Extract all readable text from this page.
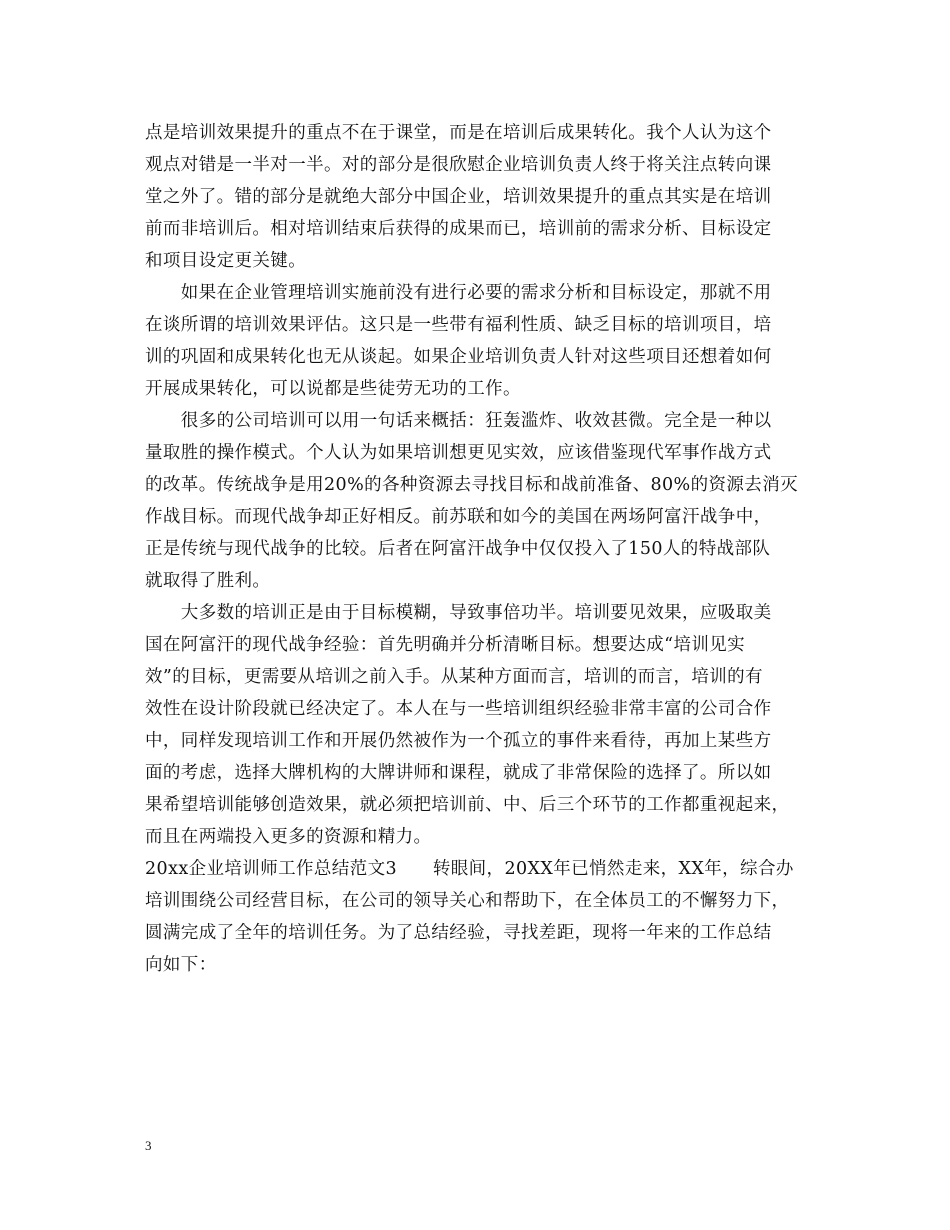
点是培训效果提升的重点不在于课堂，而是在培训后成果转化。我个人认为这个
观点对错是一半对一半。对的部分是很欣慰企业培训负责人终于将关注点转向课
堂之外了。错的部分是就绝大部分中国企业，培训效果提升的重点其实是在培训
前而非培训后。相对培训结束后获得的成果而已，培训前的需求分析、目标设定
和项目设定更关键。
　　如果在企业管理培训实施前没有进行必要的需求分析和目标设定，那就不用
在谈所谓的培训效果评估。这只是一些带有福利性质、缺乏目标的培训项目，培
训的巩固和成果转化也无从谈起。如果企业培训负责人针对这些项目还想着如何
开展成果转化，可以说都是些徒劳无功的工作。
　　很多的公司培训可以用一句话来概括：狂轰滥炸、收效甚微。完全是一种以
量取胜的操作模式。个人认为如果培训想更见实效，应该借鉴现代军事作战方式
的改革。传统战争是用20%的各种资源去寻找目标和战前准备、80%的资源去消灭
作战目标。而现代战争却正好相反。前苏联和如今的美国在两场阿富汗战争中，
正是传统与现代战争的比较。后者在阿富汗战争中仅仅投入了150人的特战部队
就取得了胜利。
　　大多数的培训正是由于目标模糊，导致事倍功半。培训要见效果，应吸取美
国在阿富汗的现代战争经验：首先明确并分析清晰目标。想要达成“培训见实
效”的目标，更需要从培训之前入手。从某种方面而言，培训的而言，培训的有
效性在设计阶段就已经决定了。本人在与一些培训组织经验非常丰富的公司合作
中，同样发现培训工作和开展仍然被作为一个孤立的事件来看待，再加上某些方
面的考虑，选择大牌机构的大牌讲师和课程，就成了非常保险的选择了。所以如
果希望培训能够创造效果，就必须把培训前、中、后三个环节的工作都重视起来，
而且在两端投入更多的资源和精力。
20xx企业培训师工作总结范文3　　转眼间，20XX年已悄然走来，XX年，综合办
培训围绕公司经营目标，在公司的领导关心和帮助下，在全体员工的不懈努力下，
圆满完成了全年的培训任务。为了总结经验，寻找差距，现将一年来的工作总结
向如下：
3
